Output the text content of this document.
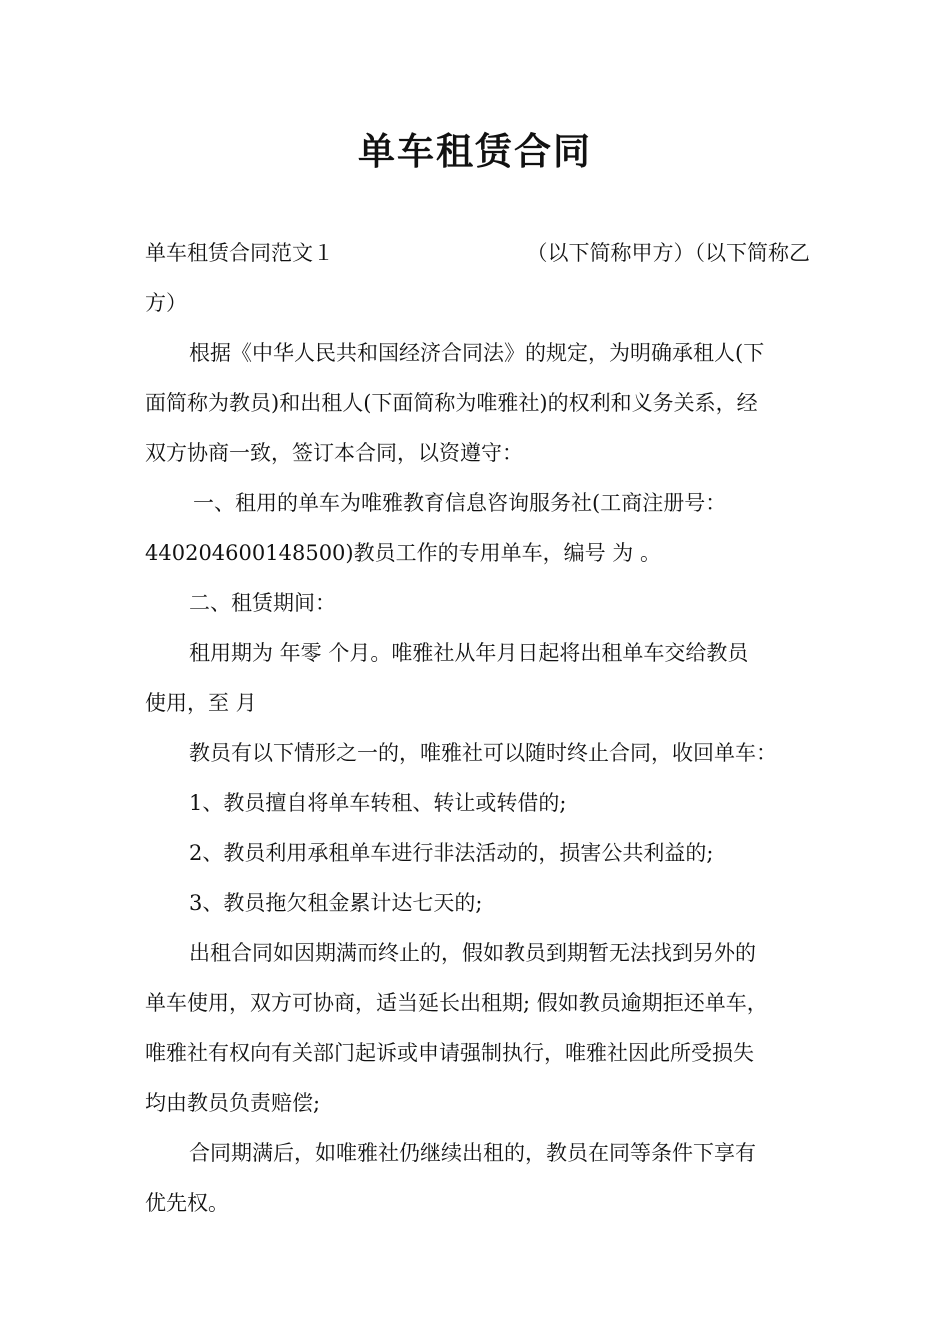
单车租赁合同
单车租赁合同范文１	（以下简称甲方）（以下简称乙
方）
根据《中华人民共和国经济合同法》的规定，为明确承租人(下
面简称为教员)和出租人(下面简称为唯雅社)的权利和义务关系，经
双方协商一致，签订本合同，以资遵守：
一、租用的单车为唯雅教育信息咨询服务社(工商注册号：
440204600148500)教员工作的专用单车，编号 为 。
二、租赁期间：
租用期为 年零 个月。唯雅社从年月日起将出租单车交给教员
使用，至 月
教员有以下情形之一的，唯雅社可以随时终止合同，收回单车：
1、教员擅自将单车转租、转让或转借的;
2、教员利用承租单车进行非法活动的，损害公共利益的;
3、教员拖欠租金累计达七天的;
出租合同如因期满而终止的，假如教员到期暂无法找到另外的
单车使用，双方可协商，适当延长出租期; 假如教员逾期拒还单车，
唯雅社有权向有关部门起诉或申请强制执行，唯雅社因此所受损失
均由教员负责赔偿;
合同期满后，如唯雅社仍继续出租的，教员在同等条件下享有
优先权。
